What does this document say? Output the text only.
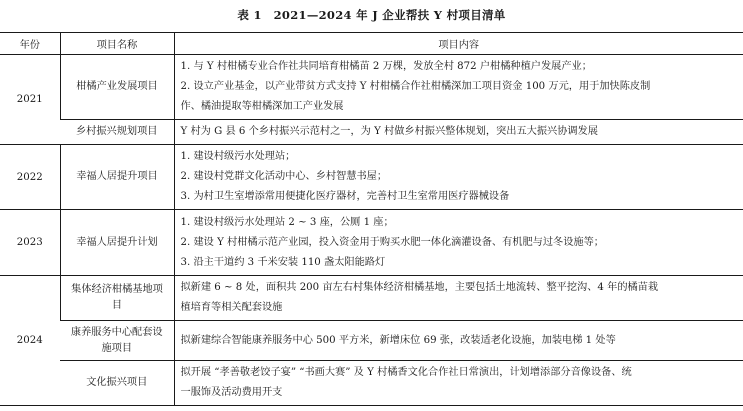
表 1　2021—2024 年 J 企业帮扶 Y 村项目清单
年份	项目名称	项目内容
2021	柑橘产业发展项目	1. 与 Y 村柑橘专业合作社共同培育柑橘苗 2 万棵，发放全村 872 户柑橘种植户发展产业；
2. 设立产业基金，以产业带贫方式支持 Y 村柑橘合作社柑橘深加工项目资金 100 万元，用于加快陈皮制
作、橘油提取等柑橘深加工产业发展

	乡村振兴规划项目	Y 村为 G 县 6 个乡村振兴示范村之一，为 Y 村做乡村振兴整体规划，突出五大振兴协调发展

2022	幸福人居提升项目	1. 建设村级污水处理站；
2. 建设村党群文化活动中心、乡村智慧书屋；
3. 为村卫生室增添常用便捷化医疗器材，完善村卫生室常用医疗器械设备

2023	幸福人居提升计划	1. 建设村级污水处理站 2 ~ 3 座，公厕 1 座；
2. 建设 Y 村柑橘示范产业园，投入资金用于购买水肥一体化滴灌设备、有机肥与过冬设施等；
3. 沿主干道约 3 千米安装 110 盏太阳能路灯

2024	集体经济柑橘基地项目	拟新建 6 ~ 8 处，面积共 200 亩左右村集体经济柑橘基地，主要包括土地流转、整平挖沟、4 年的橘苗栽
植培育等相关配套设施

	康养服务中心配套设施项目	拟新建综合智能康养服务中心 500 平方米，新增床位 69 张，改装适老化设施，加装电梯 1 处等

	文化振兴项目	拟开展 “孝善敬老饺子宴” “书画大赛” 及 Y 村橘香文化合作社日常演出，计划增添部分音像设备、统
一服饰及活动费用开支
